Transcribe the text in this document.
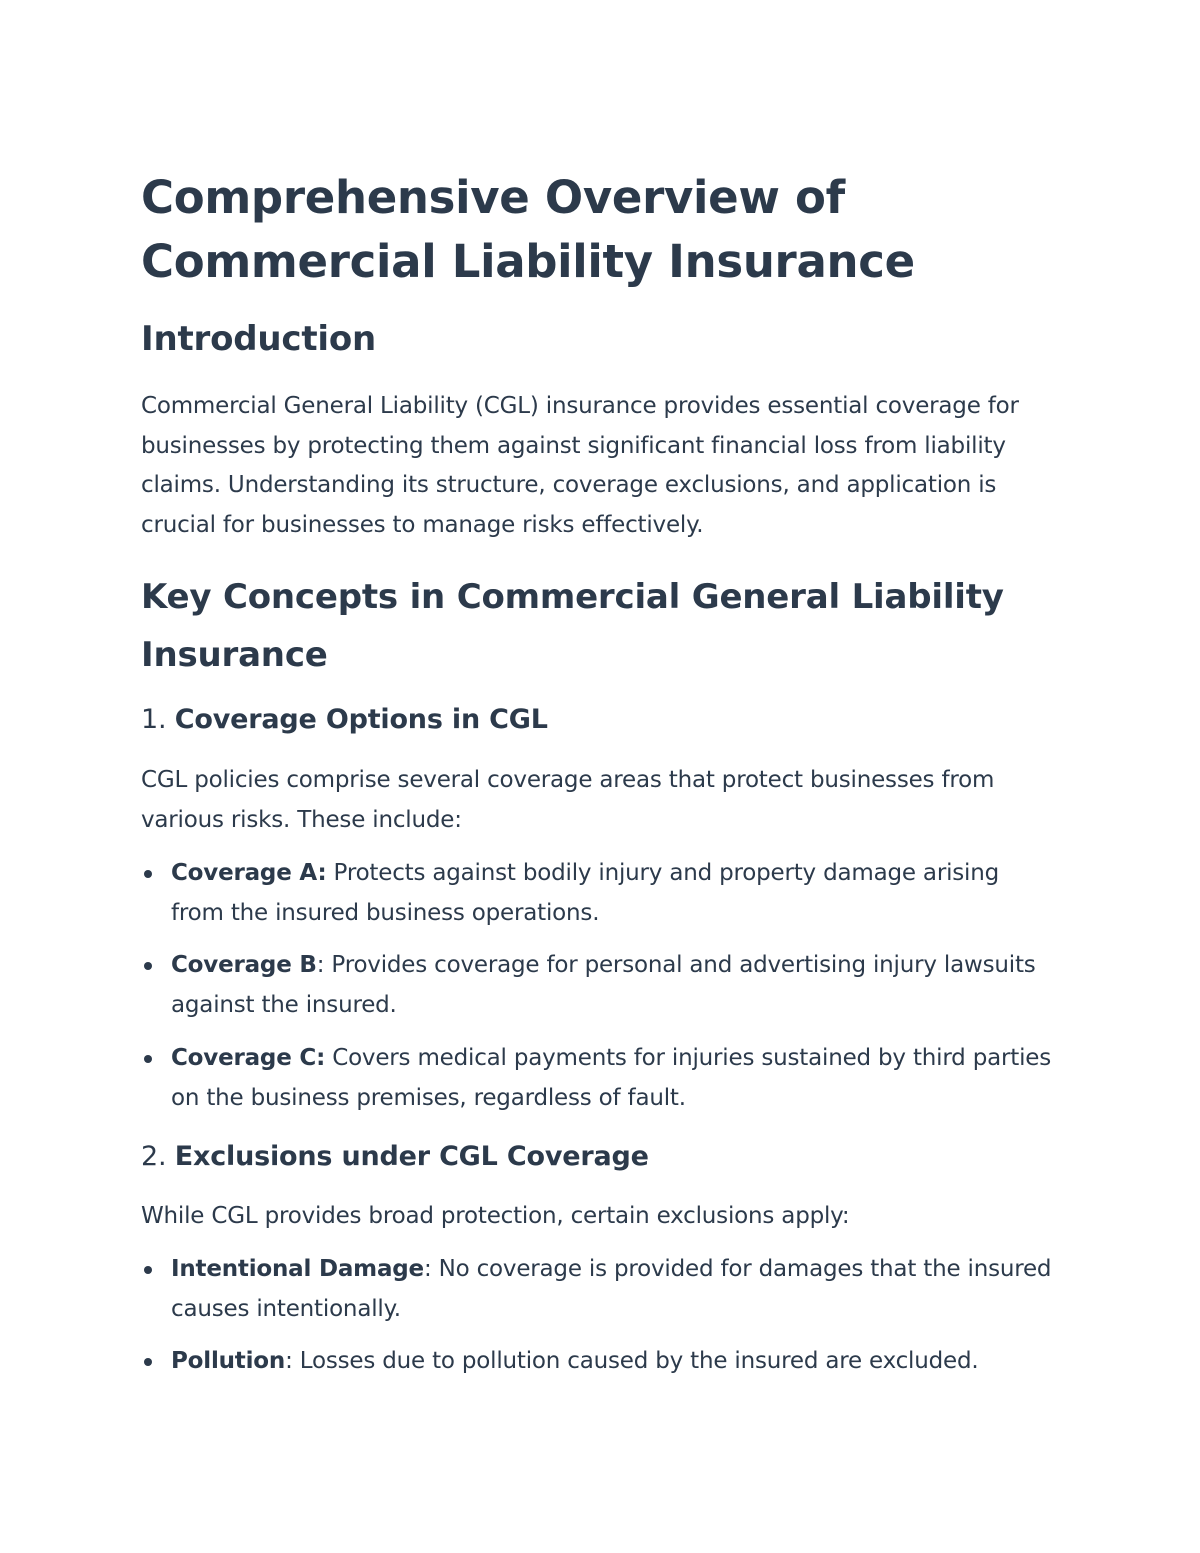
Comprehensive Overview of Commercial Liability Insurance
Introduction

Commercial General Liability (CGL) insurance provides essential coverage for businesses by protecting them against significant financial loss from liability claims. Understanding its structure, coverage exclusions, and application is crucial for businesses to manage risks effectively.

Key Concepts in Commercial General Liability Insurance
1. Coverage Options in CGL

CGL policies comprise several coverage areas that protect businesses from various risks. These include:

Coverage A: Protects against bodily injury and property damage arising from the insured business operations.
Coverage B: Provides coverage for personal and advertising injury lawsuits against the insured.
Coverage C: Covers medical payments for injuries sustained by third parties on the business premises, regardless of fault.
2. Exclusions under CGL Coverage

While CGL provides broad protection, certain exclusions apply:

Intentional Damage: No coverage is provided for damages that the insured causes intentionally.
Pollution: Losses due to pollution caused by the insured are excluded.
